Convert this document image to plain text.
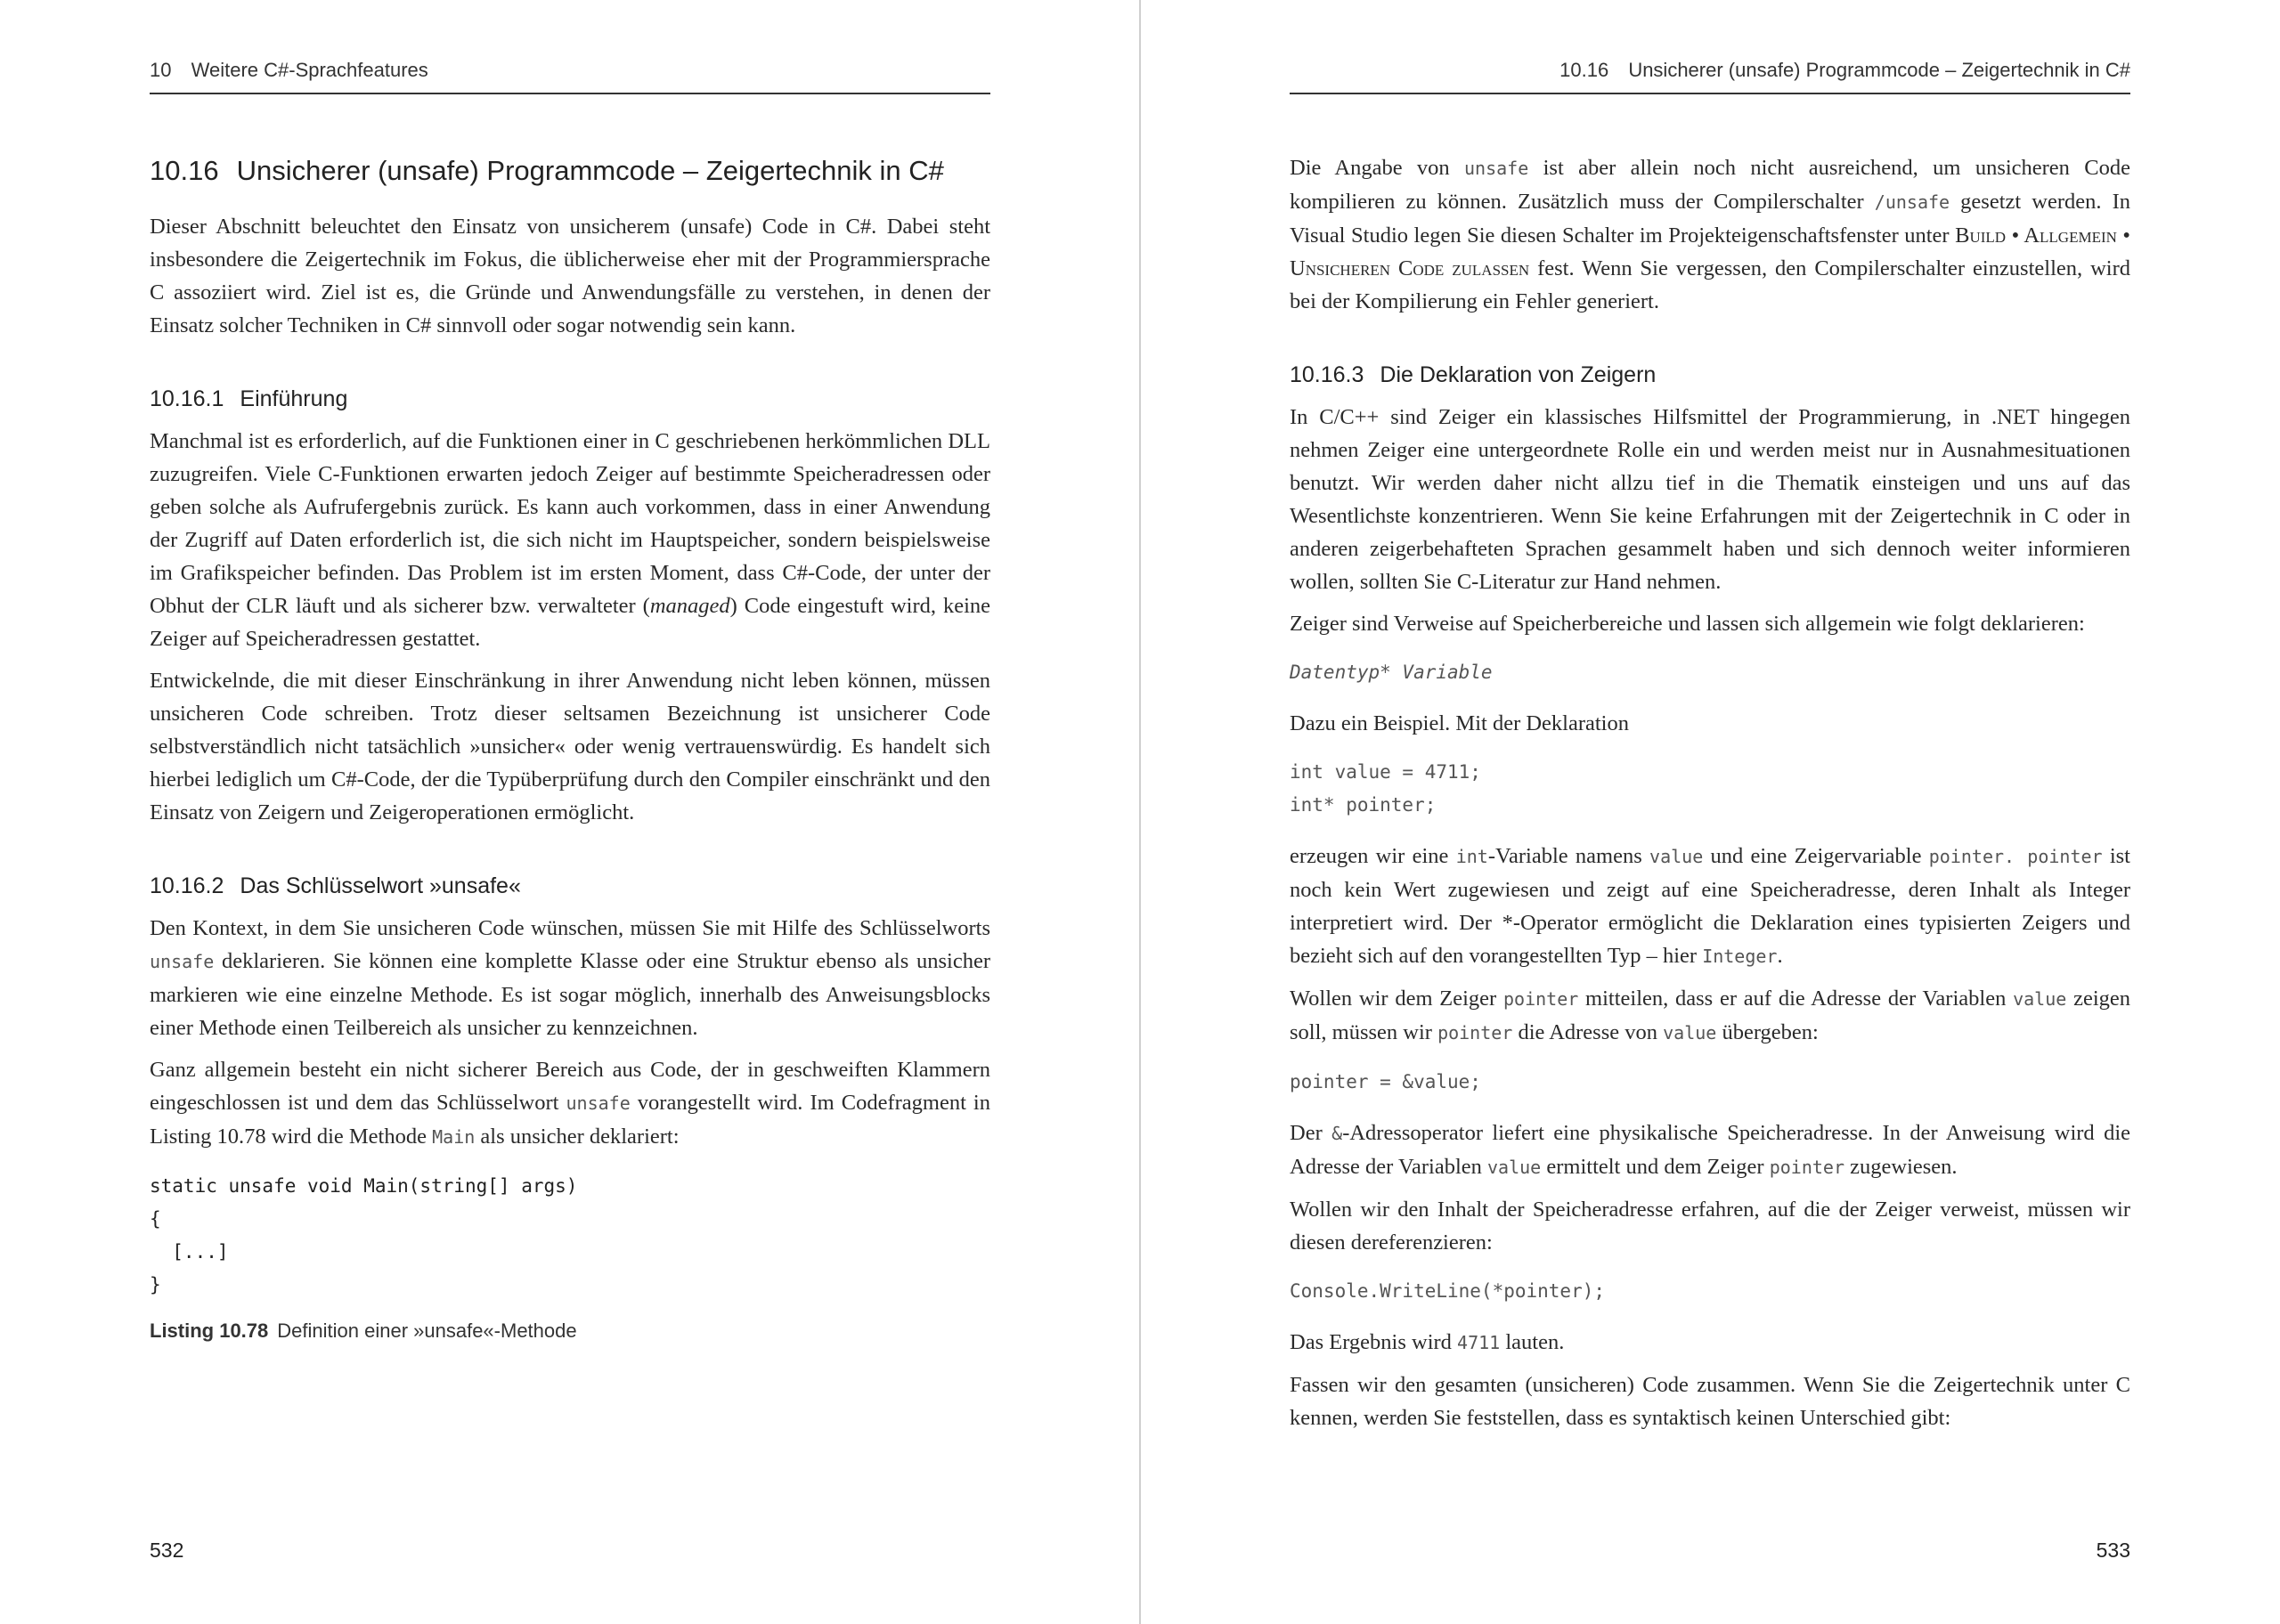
10 Weitere C#-Sprachfeatures
10.16 Unsicherer (unsafe) Programmcode – Zeigertechnik in C#

Dieser Abschnitt beleuchtet den Einsatz von unsicherem (unsafe) Code in C#. Dabei steht insbesondere die Zeigertechnik im Fokus, die üblicherweise eher mit der Programmiersprache C assoziiert wird. Ziel ist es, die Gründe und Anwendungsfälle zu verstehen, in denen der Einsatz solcher Techniken in C# sinnvoll oder sogar notwendig sein kann.

10.16.1 Einführung

Manchmal ist es erforderlich, auf die Funktionen einer in C geschriebenen herkömmlichen DLL zuzugreifen. Viele C-Funktionen erwarten jedoch Zeiger auf bestimmte Speicheradressen oder geben solche als Aufrufergebnis zurück. Es kann auch vorkommen, dass in einer Anwendung der Zugriff auf Daten erforderlich ist, die sich nicht im Hauptspeicher, sondern beispielsweise im Grafikspeicher befinden. Das Problem ist im ersten Moment, dass C#-Code, der unter der Obhut der CLR läuft und als sicherer bzw. verwalteter (managed) Code eingestuft wird, keine Zeiger auf Speicheradressen gestattet.

Entwickelnde, die mit dieser Einschränkung in ihrer Anwendung nicht leben können, müssen unsicheren Code schreiben. Trotz dieser seltsamen Bezeichnung ist unsicherer Code selbstverständlich nicht tatsächlich »unsicher« oder wenig vertrauenswürdig. Es handelt sich hierbei lediglich um C#-Code, der die Typüberprüfung durch den Compiler einschränkt und den Einsatz von Zeigern und Zeigeroperationen ermöglicht.

10.16.2 Das Schlüsselwort »unsafe«

Den Kontext, in dem Sie unsicheren Code wünschen, müssen Sie mit Hilfe des Schlüsselworts unsafe deklarieren. Sie können eine komplette Klasse oder eine Struktur ebenso als unsicher markieren wie eine einzelne Methode. Es ist sogar möglich, innerhalb des Anweisungsblocks einer Methode einen Teilbereich als unsicher zu kennzeichnen.

Ganz allgemein besteht ein nicht sicherer Bereich aus Code, der in geschweiften Klammern eingeschlossen ist und dem das Schlüsselwort unsafe vorangestellt wird. Im Codefragment in Listing 10.78 wird die Methode Main als unsicher deklariert:

static unsafe void Main(string[] args)
{
[...]
}
Listing 10.78 Definition einer »unsafe«-Methode
532
10.16 Unsicherer (unsafe) Programmcode – Zeigertechnik in C#

Die Angabe von unsafe ist aber allein noch nicht ausreichend, um unsicheren Code kompilieren zu können. Zusätzlich muss der Compilerschalter /unsafe gesetzt werden. In Visual Studio legen Sie diesen Schalter im Projekteigenschaftsfenster unter Build • Allgemein • Unsicheren Code zulassen fest. Wenn Sie vergessen, den Compilerschalter einzustellen, wird bei der Kompilierung ein Fehler generiert.

10.16.3 Die Deklaration von Zeigern

In C/C++ sind Zeiger ein klassisches Hilfsmittel der Programmierung, in .NET hingegen nehmen Zeiger eine untergeordnete Rolle ein und werden meist nur in Ausnahmesituationen benutzt. Wir werden daher nicht allzu tief in die Thematik einsteigen und uns auf das Wesentlichste konzentrieren. Wenn Sie keine Erfahrungen mit der Zeigertechnik in C oder in anderen zeigerbehafteten Sprachen gesammelt haben und sich dennoch weiter informieren wollen, sollten Sie C-Literatur zur Hand nehmen.

Zeiger sind Verweise auf Speicherbereiche und lassen sich allgemein wie folgt deklarieren:

Datentyp* Variable

Dazu ein Beispiel. Mit der Deklaration

int value = 4711;
int* pointer;

erzeugen wir eine int-Variable namens value und eine Zeigervariable pointer. pointer ist noch kein Wert zugewiesen und zeigt auf eine Speicheradresse, deren Inhalt als Integer interpretiert wird. Der *-Operator ermöglicht die Deklaration eines typisierten Zeigers und bezieht sich auf den vorangestellten Typ – hier Integer.

Wollen wir dem Zeiger pointer mitteilen, dass er auf die Adresse der Variablen value zeigen soll, müssen wir pointer die Adresse von value übergeben:

pointer = &value;

Der &-Adressoperator liefert eine physikalische Speicheradresse. In der Anweisung wird die Adresse der Variablen value ermittelt und dem Zeiger pointer zugewiesen.

Wollen wir den Inhalt der Speicheradresse erfahren, auf die der Zeiger verweist, müssen wir diesen dereferenzieren:

Console.WriteLine(*pointer);

Das Ergebnis wird 4711 lauten.

Fassen wir den gesamten (unsicheren) Code zusammen. Wenn Sie die Zeigertechnik unter C kennen, werden Sie feststellen, dass es syntaktisch keinen Unterschied gibt:

533
